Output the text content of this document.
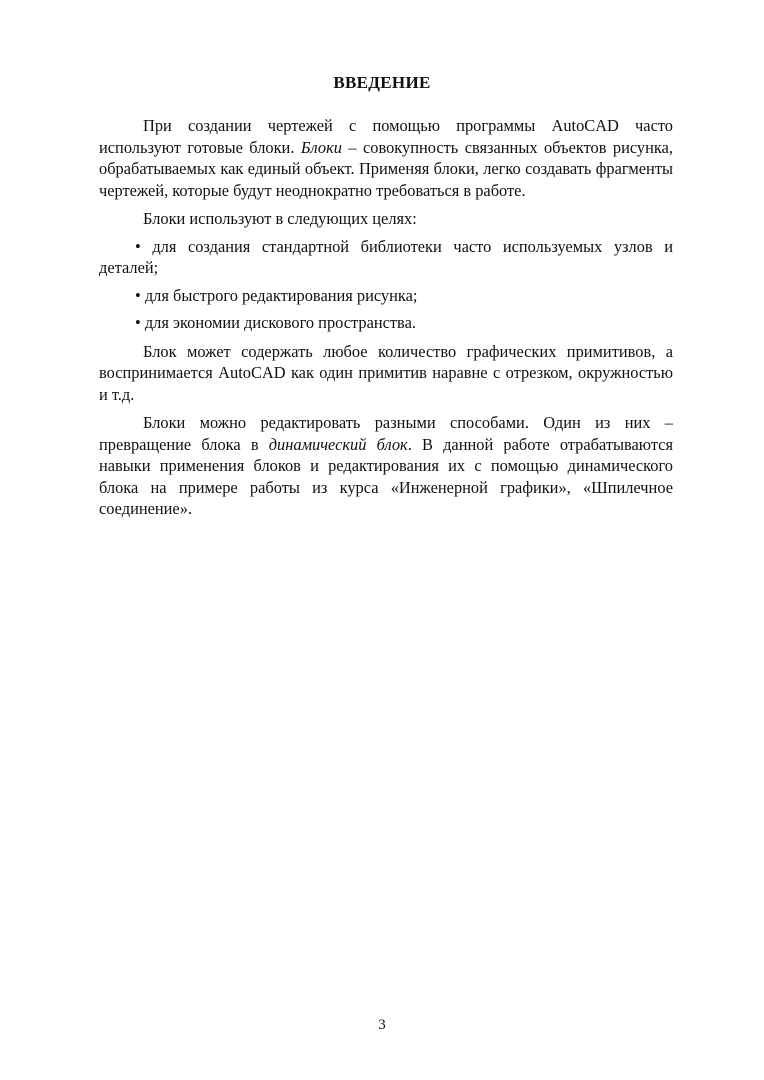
ВВЕДЕНИЕ

При создании чертежей с помощью программы AutoCAD часто используют готовые блоки. Блоки – совокупность связанных объектов рисунка, обрабатываемых как единый объект. Применяя блоки, легко создавать фрагменты чертежей, которые будут неоднократно требоваться в работе.

Блоки используют в следующих целях:

• для создания стандартной библиотеки часто используемых узлов и деталей;

• для быстрого редактирования рисунка;

• для экономии дискового пространства.

Блок может содержать любое количество графических примитивов, а воспринимается AutoCAD как один примитив наравне с отрезком, окружностью и т.д.

Блоки можно редактировать разными способами. Один из них – превращение блока в динамический блок. В данной работе отрабатываются навыки применения блоков и редактирования их с помощью динамического блока на примере работы из курса «Инженерной графики», «Шпилечное соединение».

3
